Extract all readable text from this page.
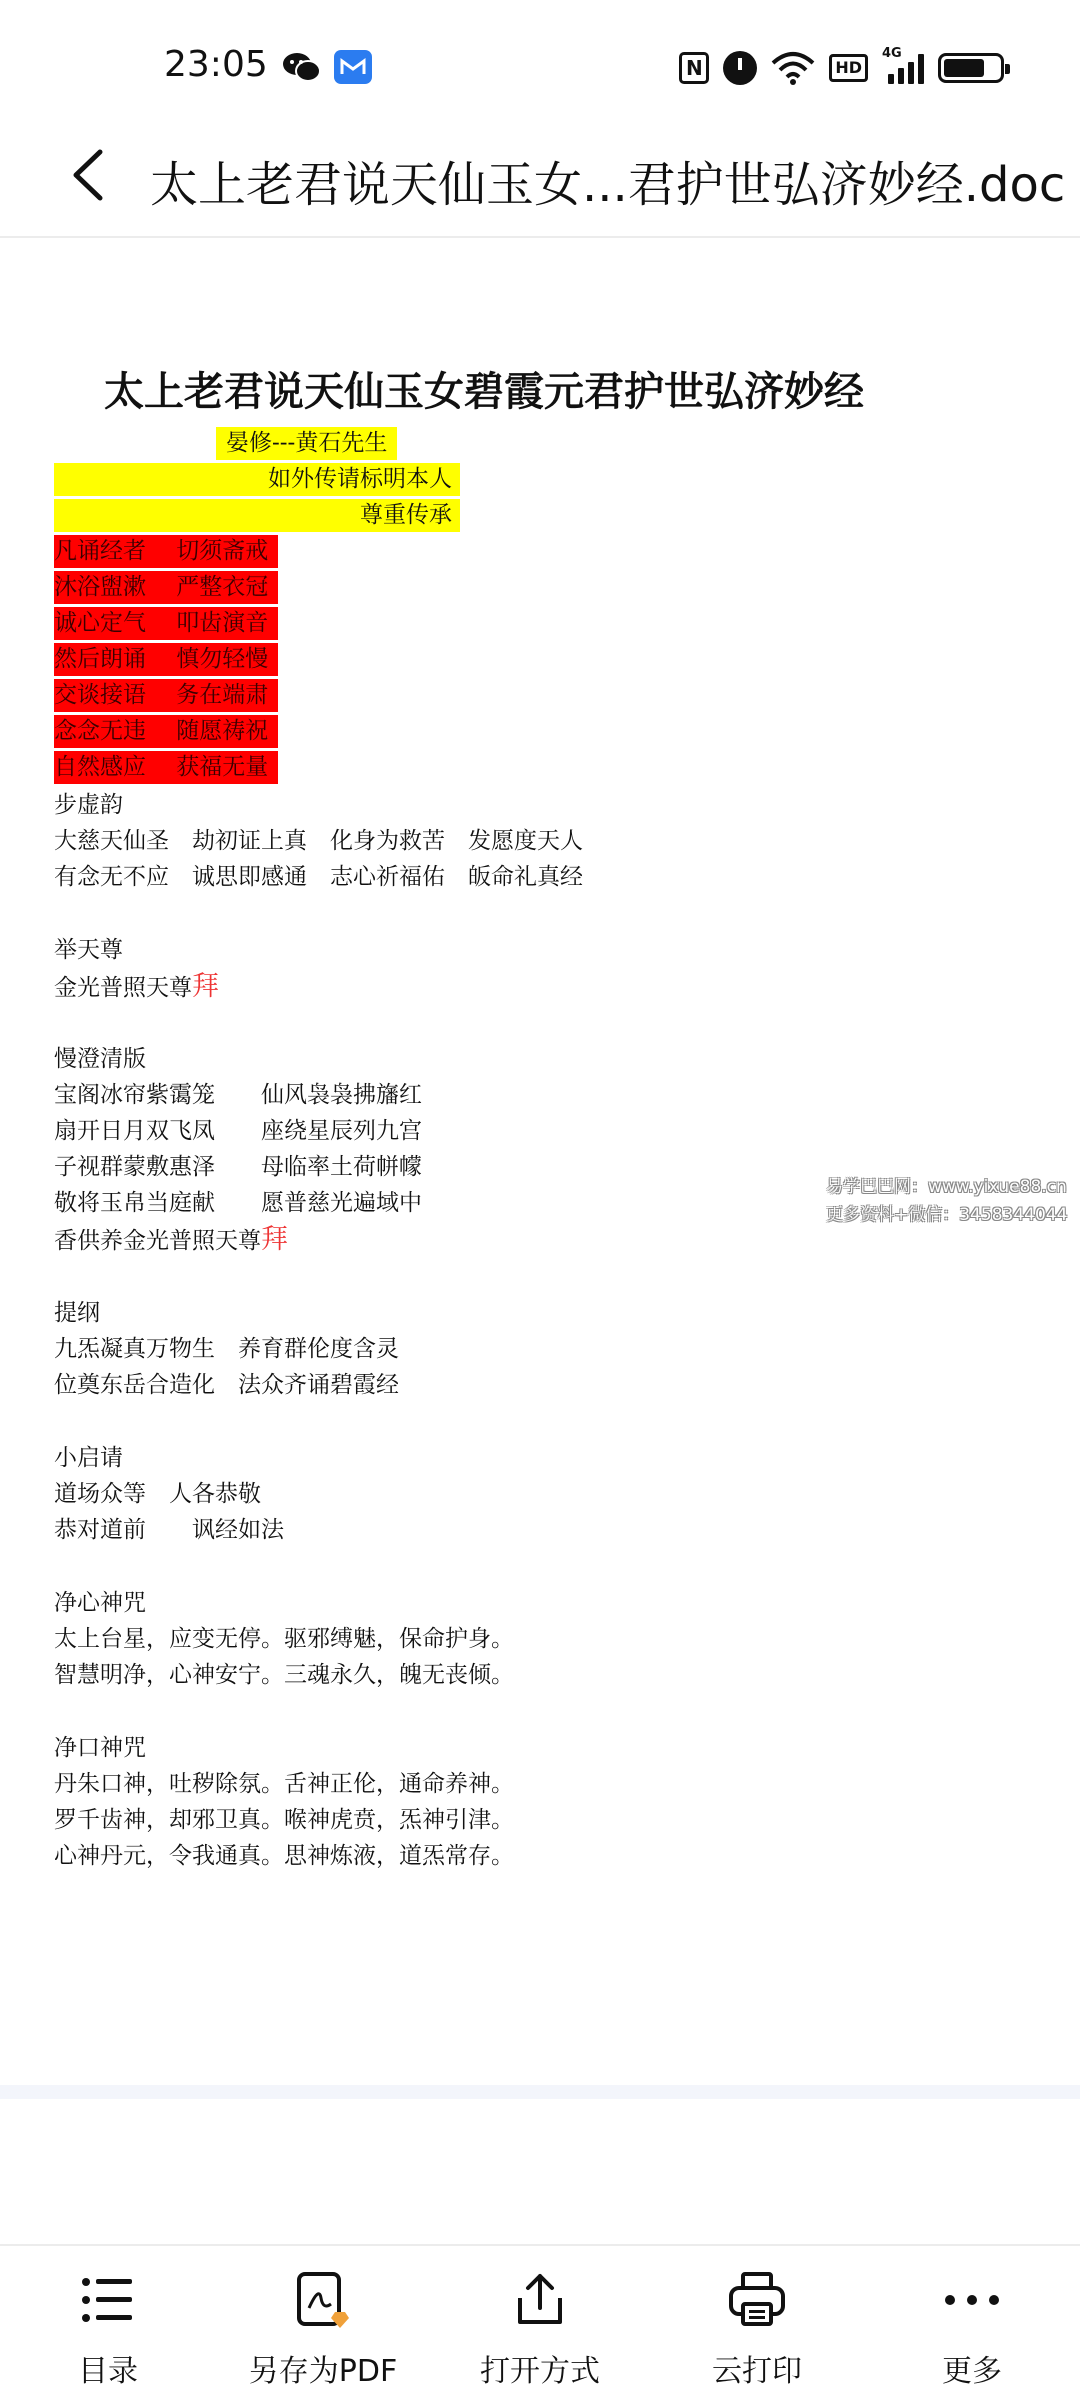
23:05	N	HD
4G
太上老君说天仙玉女...君护世弘济妙经.doc
太上老君说天仙玉女碧霞元君护世弘济妙经
晏修---黄石先生
如外传请标明本人
尊重传承
凡诵经者　 切须斋戒
沐浴盥漱　 严整衣冠
诚心定气　 叩齿演音
然后朗诵　 慎勿轻慢
交谈接语　 务在端肃
念念无违　 随愿祷祝
自然感应　 获福无量
步虚韵
大慈天仙圣　劫初证上真　化身为救苦　发愿度天人
有念无不应　诚思即感通　志心祈福佑　皈命礼真经
举天尊
金光普照天尊拜
慢澄清版
宝阁冰帘紫霭笼　　仙风袅袅拂旛红
扇开日月双飞凤　　座绕星辰列九宫
子视群蒙敷惠泽　　母临率土荷帡幪
敬将玉帛当庭献　　愿普慈光遍域中
香供养金光普照天尊拜
易学巴巴网：www.yixue88.cn
更多资料+微信：3458344044
提纲
九炁凝真万物生　养育群伦度含灵
位奠东岳合造化　法众齐诵碧霞经
小启请
道场众等　人各恭敬
恭对道前　　讽经如法
净心神咒
太上台星，应变无停。驱邪缚魅，保命护身。
智慧明净，心神安宁。三魂永久，魄无丧倾。
净口神咒
丹朱口神，吐秽除氛。舌神正伦，通命养神。
罗千齿神，却邪卫真。喉神虎贲，炁神引津。
心神丹元，令我通真。思神炼液，道炁常存。
目录	另存为PDF	打开方式	云打印	更多
